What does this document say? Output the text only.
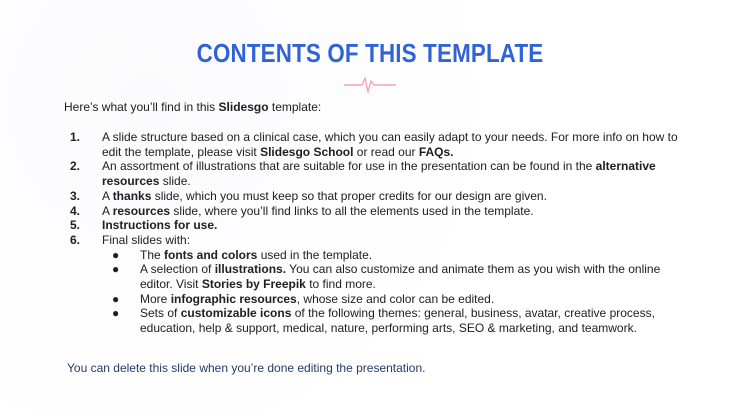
CONTENTS OF THIS TEMPLATE
Here’s what you’ll find in this Slidesgo template:
1.	A slide structure based on a clinical case, which you can easily adapt to your needs. For more info on how to edit the template, please visit Slidesgo School or read our FAQs.
2.	An assortment of illustrations that are suitable for use in the presentation can be found in the alternative resources slide.
3.	A thanks slide, which you must keep so that proper credits for our design are given.
4.	A resources slide, where you’ll find links to all the elements used in the template.
5.	Instructions for use.
6.	Final slides with:
●	The fonts and colors used in the template.
●	A selection of illustrations. You can also customize and animate them as you wish with the online editor. Visit Stories by Freepik to find more.
●	More infographic resources, whose size and color can be edited.
●	Sets of customizable icons of the following themes: general, business, avatar, creative process, education, help & support, medical, nature, performing arts, SEO & marketing, and teamwork.
You can delete this slide when you’re done editing the presentation.
